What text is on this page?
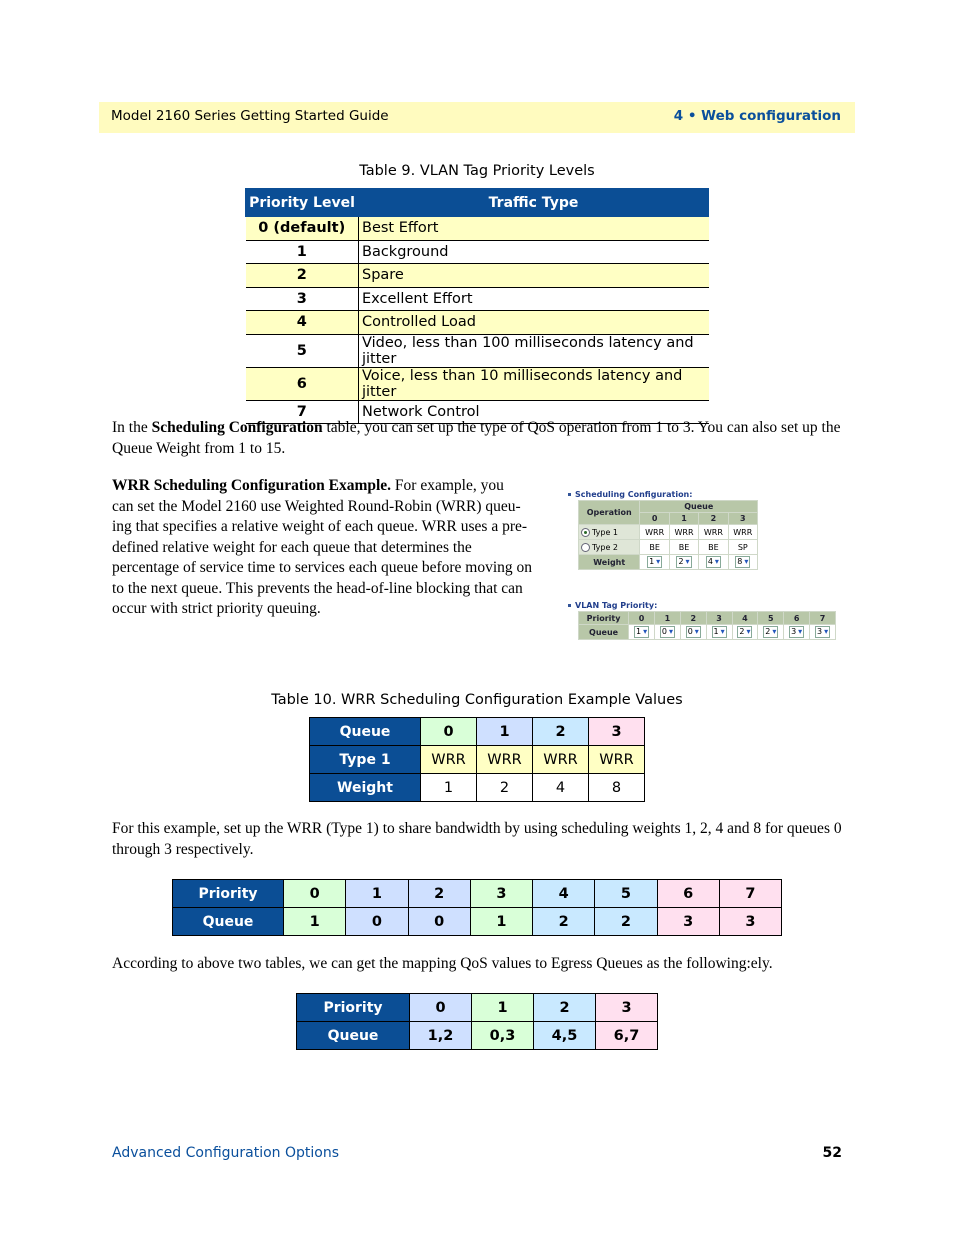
Model 2160 Series Getting Started Guide	4 • Web configuration
Table 9. VLAN Tag Priority Levels
Priority Level	Traffic Type
0 (default)	Best Effort
1	Background
2	Spare
3	Excellent Effort
4	Controlled Load
5	Video, less than 100 milliseconds latency and jitter
6	Voice, less than 10 milliseconds latency and jitter
7	Network Control
In the Scheduling Configuration table, you can set up the type of QoS operation from 1 to 3. You can also set up the Queue Weight from 1 to 15.
WRR Scheduling Configuration Example. For example, you
can set the Model 2160 use Weighted Round-Robin (WRR) queu-
ing that specifies a relative weight of each queue. WRR uses a pre-
defined relative weight for each queue that determines the
percentage of service time to services each queue before moving on
to the next queue. This prevents the head-of-line blocking that can
occur with strict priority queuing.
Scheduling Configuration:
Operation	Queue			
	0	1	2	3
Type 1	WRR	WRR	WRR	WRR
Type 2	BE	BE	BE	SP
Weight	1 ▾	2 ▾	4 ▾	8 ▾
VLAN Tag Priority:
Priority	0	1	2	3	4	5	6	7
Queue	1 ▾	0 ▾	0 ▾	1 ▾	2 ▾	2 ▾	3 ▾	3 ▾
Table 10. WRR Scheduling Configuration Example Values
Queue	0	1	2	3
Type 1	WRR	WRR	WRR	WRR
Weight	1	2	4	8
For this example, set up the WRR (Type 1) to share bandwidth by using scheduling weights 1, 2, 4 and 8 for queues 0 through 3 respectively.
Priority	0	1	2	3	4	5	6	7
Queue	1	0	0	1	2	2	3	3
According to above two tables, we can get the mapping QoS values to Egress Queues as the following:ely.
Priority	0	1	2	3
Queue	1,2	0,3	4,5	6,7
Advanced Configuration Options	52
